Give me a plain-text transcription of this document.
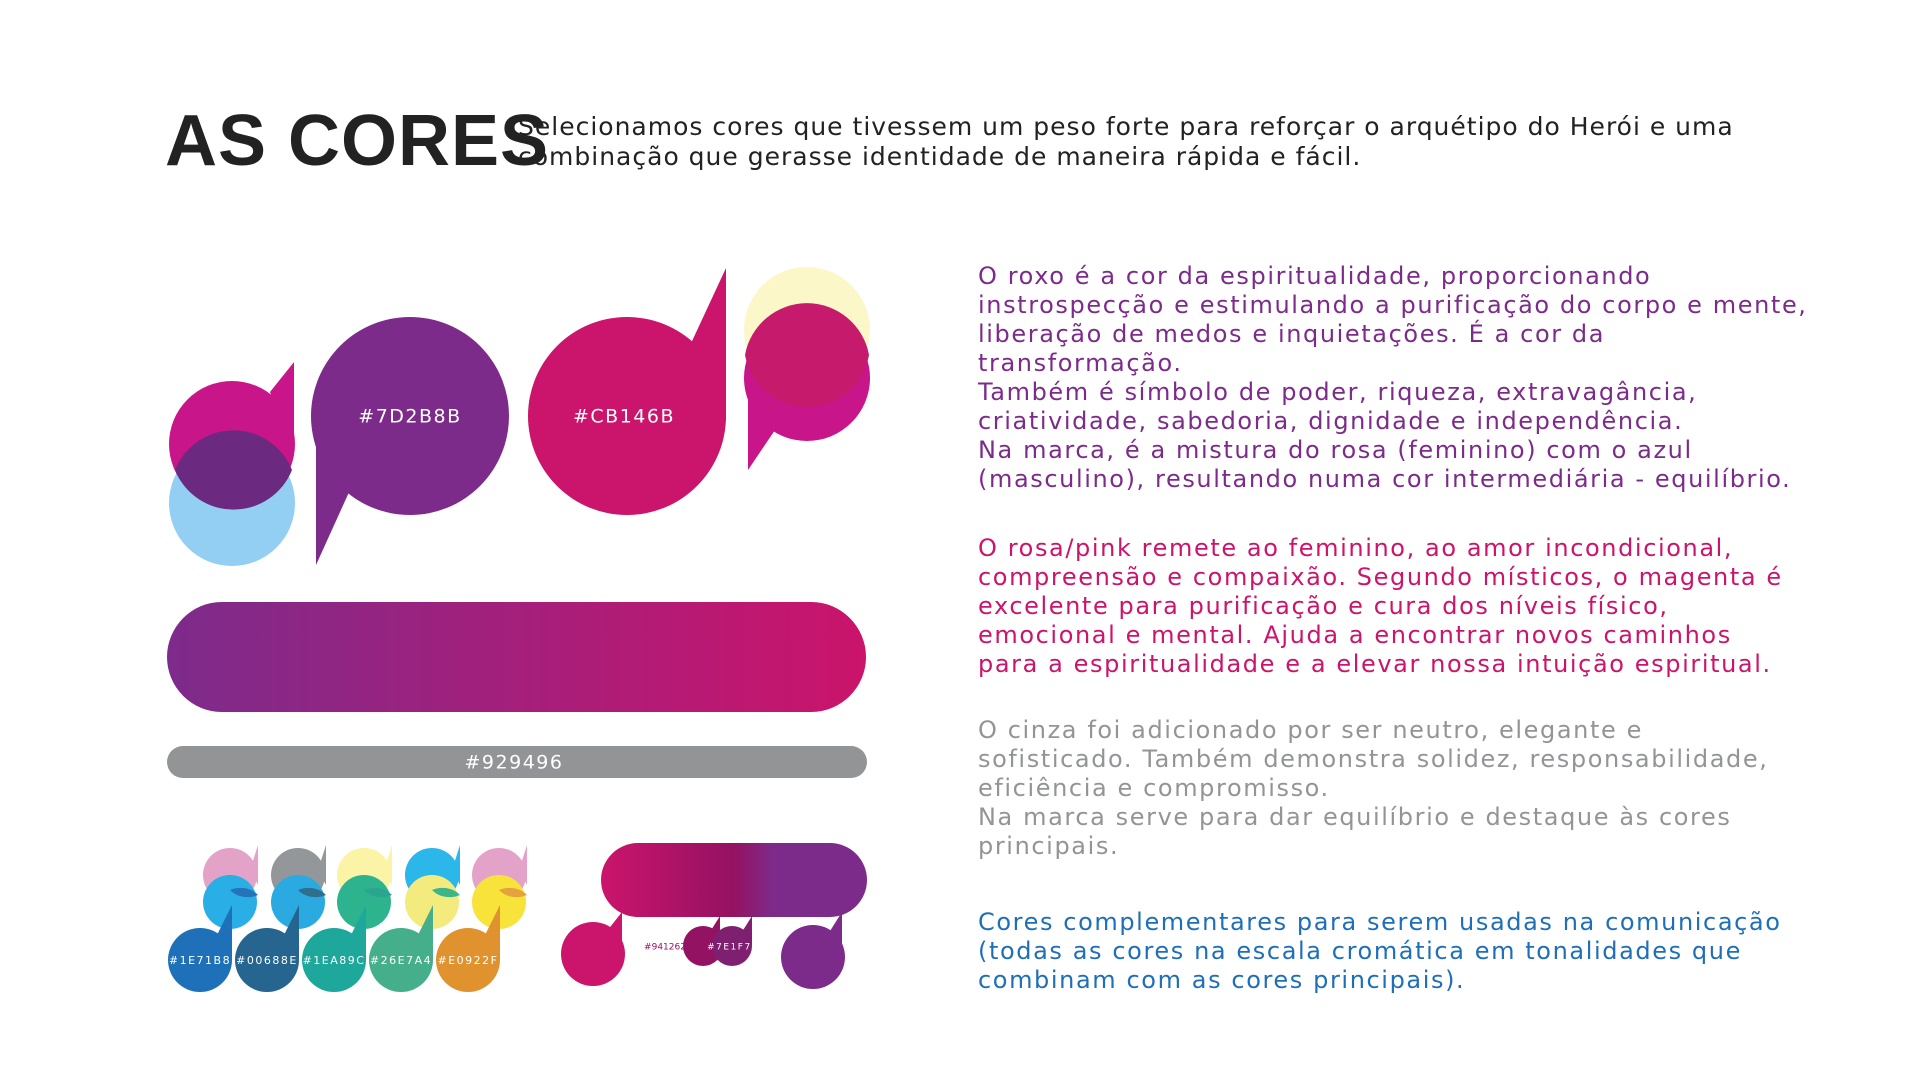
AS CORES

Selecionamos cores que tivessem um peso forte para reforçar o arquétipo do Herói e uma combinação que gerasse identidade de maneira rápida e fácil.

#7D2B8B	#CB146B
#929496
#1E71B8 #00688E #1EA89C #26E7A4 #E0922F
#941262 #7E1F70

O roxo é a cor da espiritualidade, proporcionando
instrospecção e estimulando a purificação do corpo e mente,
liberação de medos e inquietações. É a cor da
transformação.
Também é símbolo de poder, riqueza, extravagância,
criatividade, sabedoria, dignidade e independência.
Na marca, é a mistura do rosa (feminino) com o azul
(masculino), resultando numa cor intermediária - equilíbrio.

O rosa/pink remete ao feminino, ao amor incondicional,
compreensão e compaixão. Segundo místicos, o magenta é
excelente para purificação e cura dos níveis físico,
emocional e mental. Ajuda a encontrar novos caminhos
para a espiritualidade e a elevar nossa intuição espiritual.

O cinza foi adicionado por ser neutro, elegante e
sofisticado. Também demonstra solidez, responsabilidade,
eficiência e compromisso.
Na marca serve para dar equilíbrio e destaque às cores
principais.

Cores complementares para serem usadas na comunicação
(todas as cores na escala cromática em tonalidades que
combinam com as cores principais).
